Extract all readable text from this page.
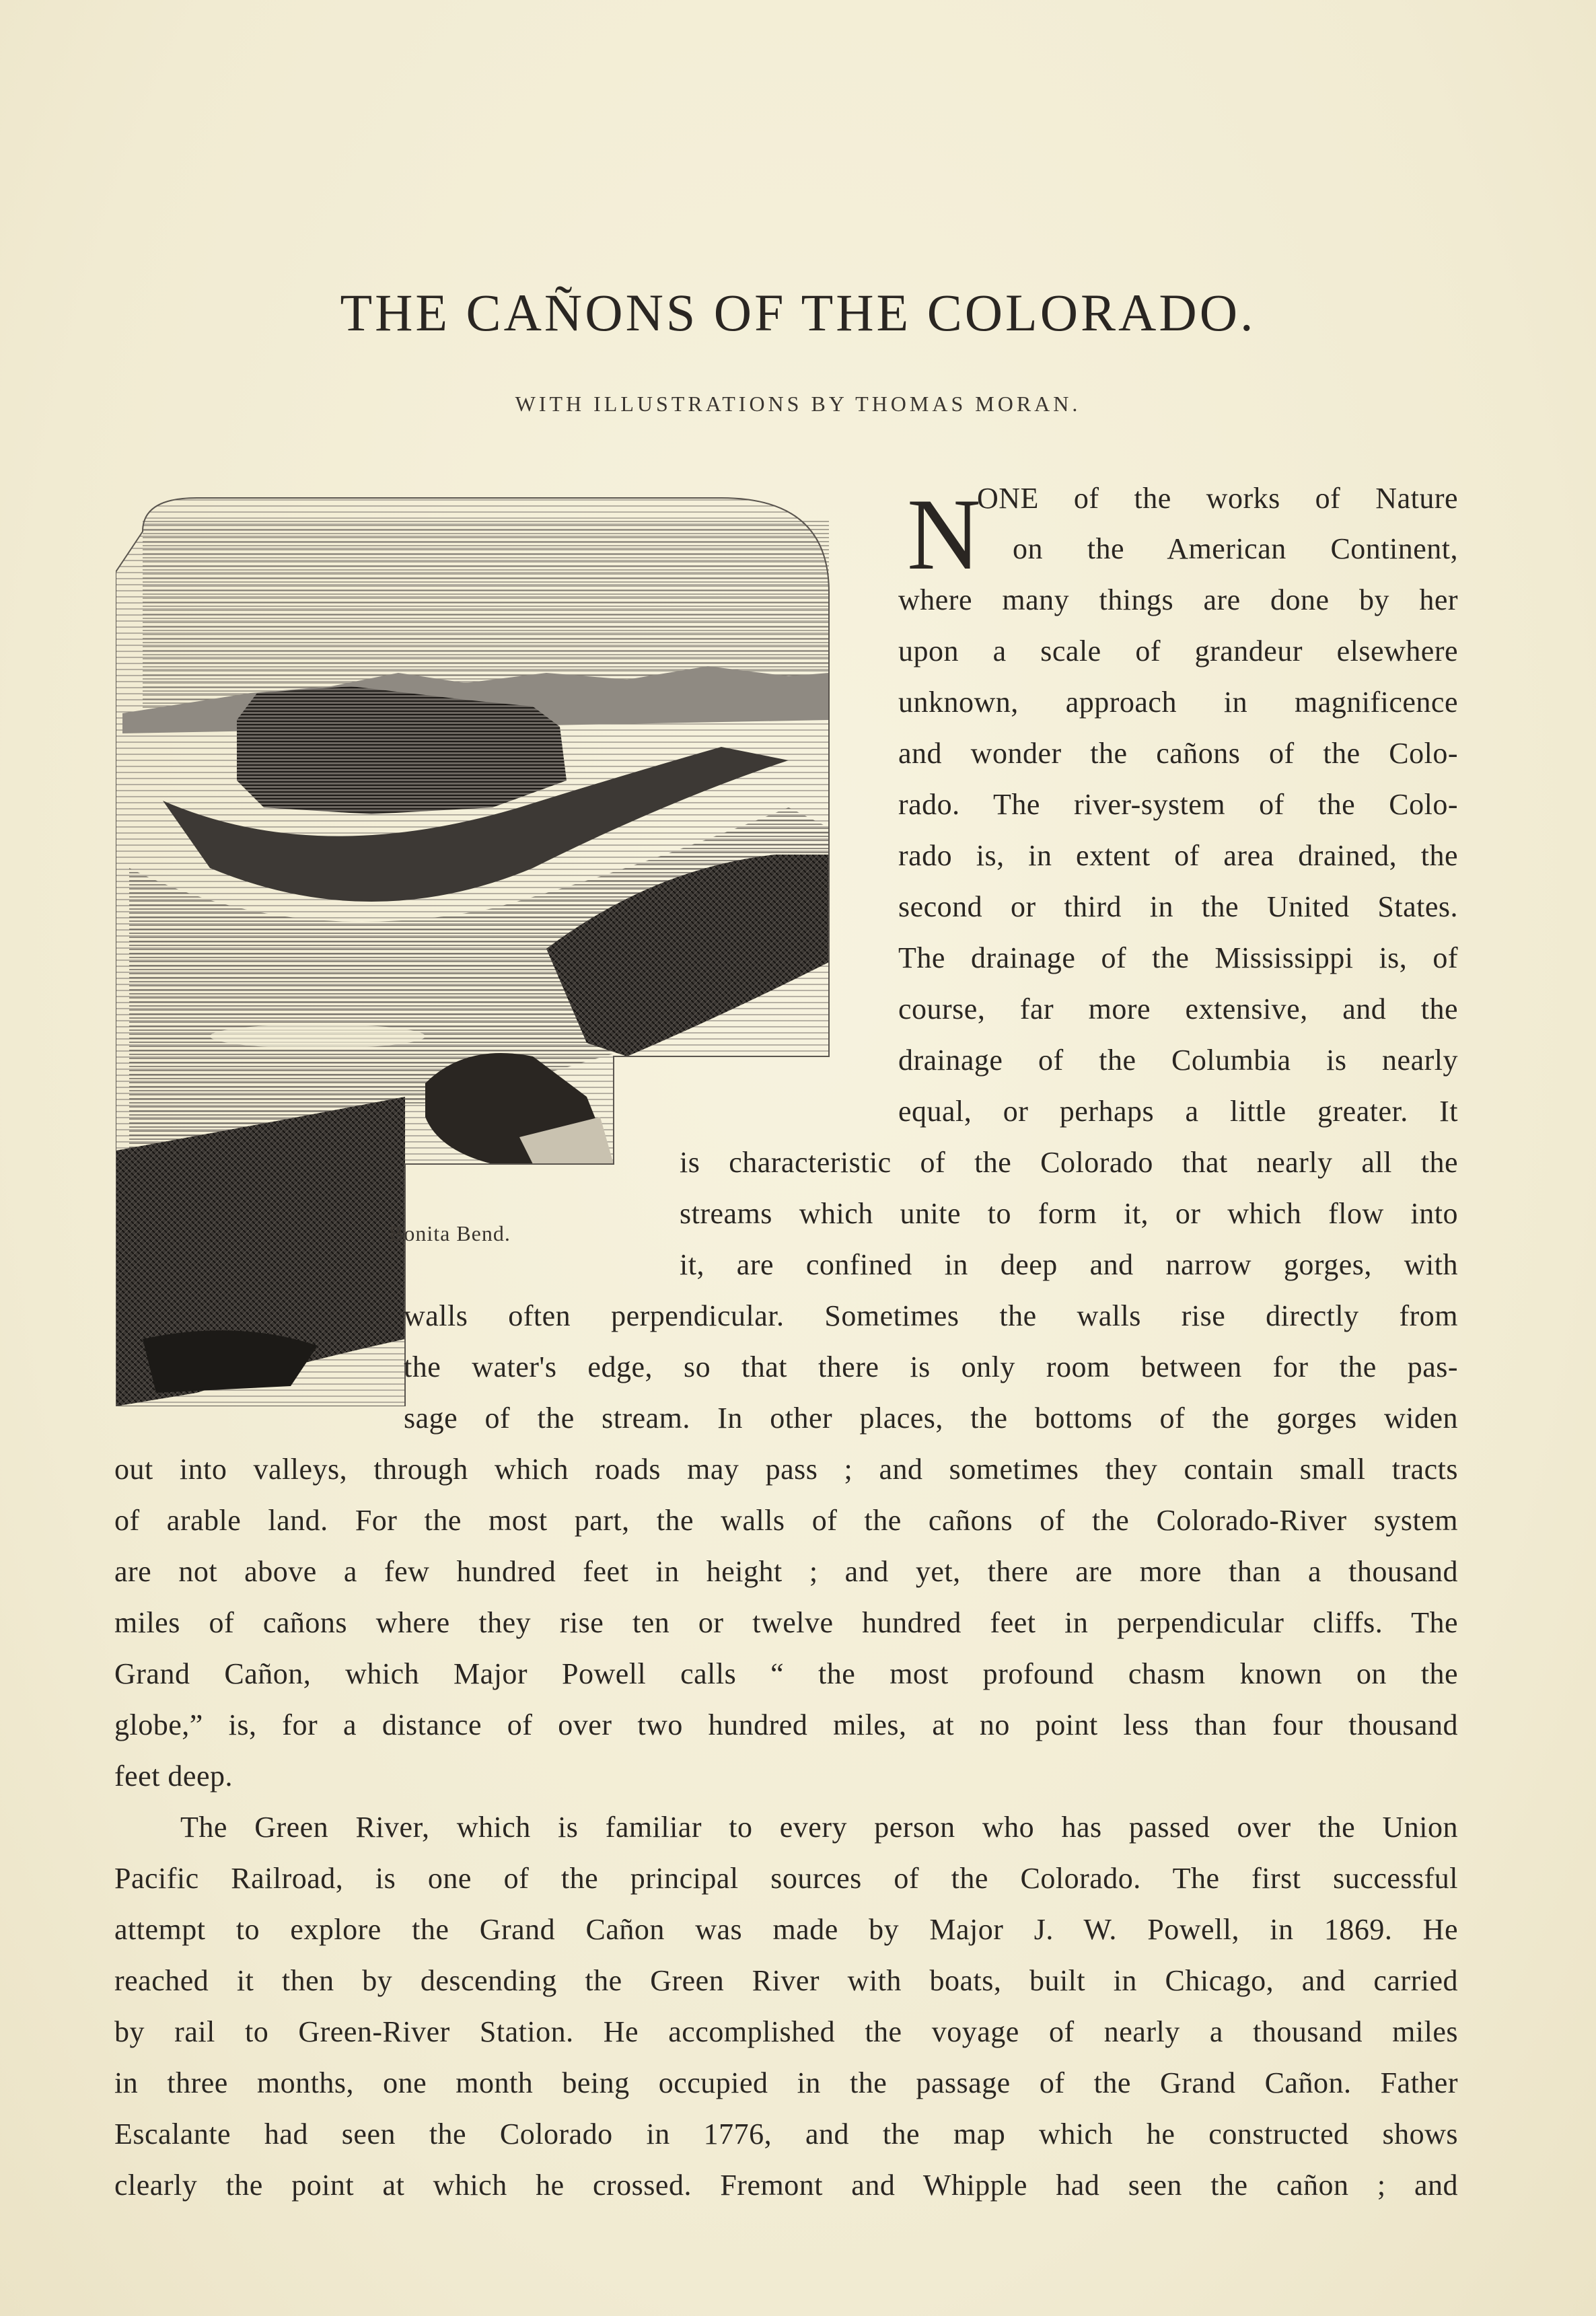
THE CAÑONS OF THE COLORADO.
WITH ILLUSTRATIONS BY THOMAS MORAN.
Bonita Bend.
N
ONE of the works of Nature
on the American Continent,
where many things are done by her
upon a scale of grandeur elsewhere
unknown, approach in magnificence
and wonder the cañons of the Colo-
rado. The river-system of the Colo-
rado is, in extent of area drained, the
second or third in the United States.
The drainage of the Mississippi is, of
course, far more extensive, and the
drainage of the Columbia is nearly
equal, or perhaps a little greater. It
is characteristic of the Colorado that nearly all the
streams which unite to form it, or which flow into
it, are confined in deep and narrow gorges, with
walls often perpendicular. Sometimes the walls rise directly from
the water's edge, so that there is only room between for the pas-
sage of the stream. In other places, the bottoms of the gorges widen
out into valleys, through which roads may pass ; and sometimes they contain small tracts
of arable land. For the most part, the walls of the cañons of the Colorado-River system
are not above a few hundred feet in height ; and yet, there are more than a thousand
miles of cañons where they rise ten or twelve hundred feet in perpendicular cliffs. The
Grand Cañon, which Major Powell calls “ the most profound chasm known on the
globe,” is, for a distance of over two hundred miles, at no point less than four thousand
feet deep.
The Green River, which is familiar to every person who has passed over the Union
Pacific Railroad, is one of the principal sources of the Colorado. The first successful
attempt to explore the Grand Cañon was made by Major J. W. Powell, in 1869. He
reached it then by descending the Green River with boats, built in Chicago, and carried
by rail to Green-River Station. He accomplished the voyage of nearly a thousand miles
in three months, one month being occupied in the passage of the Grand Cañon. Father
Escalante had seen the Colorado in 1776, and the map which he constructed shows
clearly the point at which he crossed. Fremont and Whipple had seen the cañon ; and
